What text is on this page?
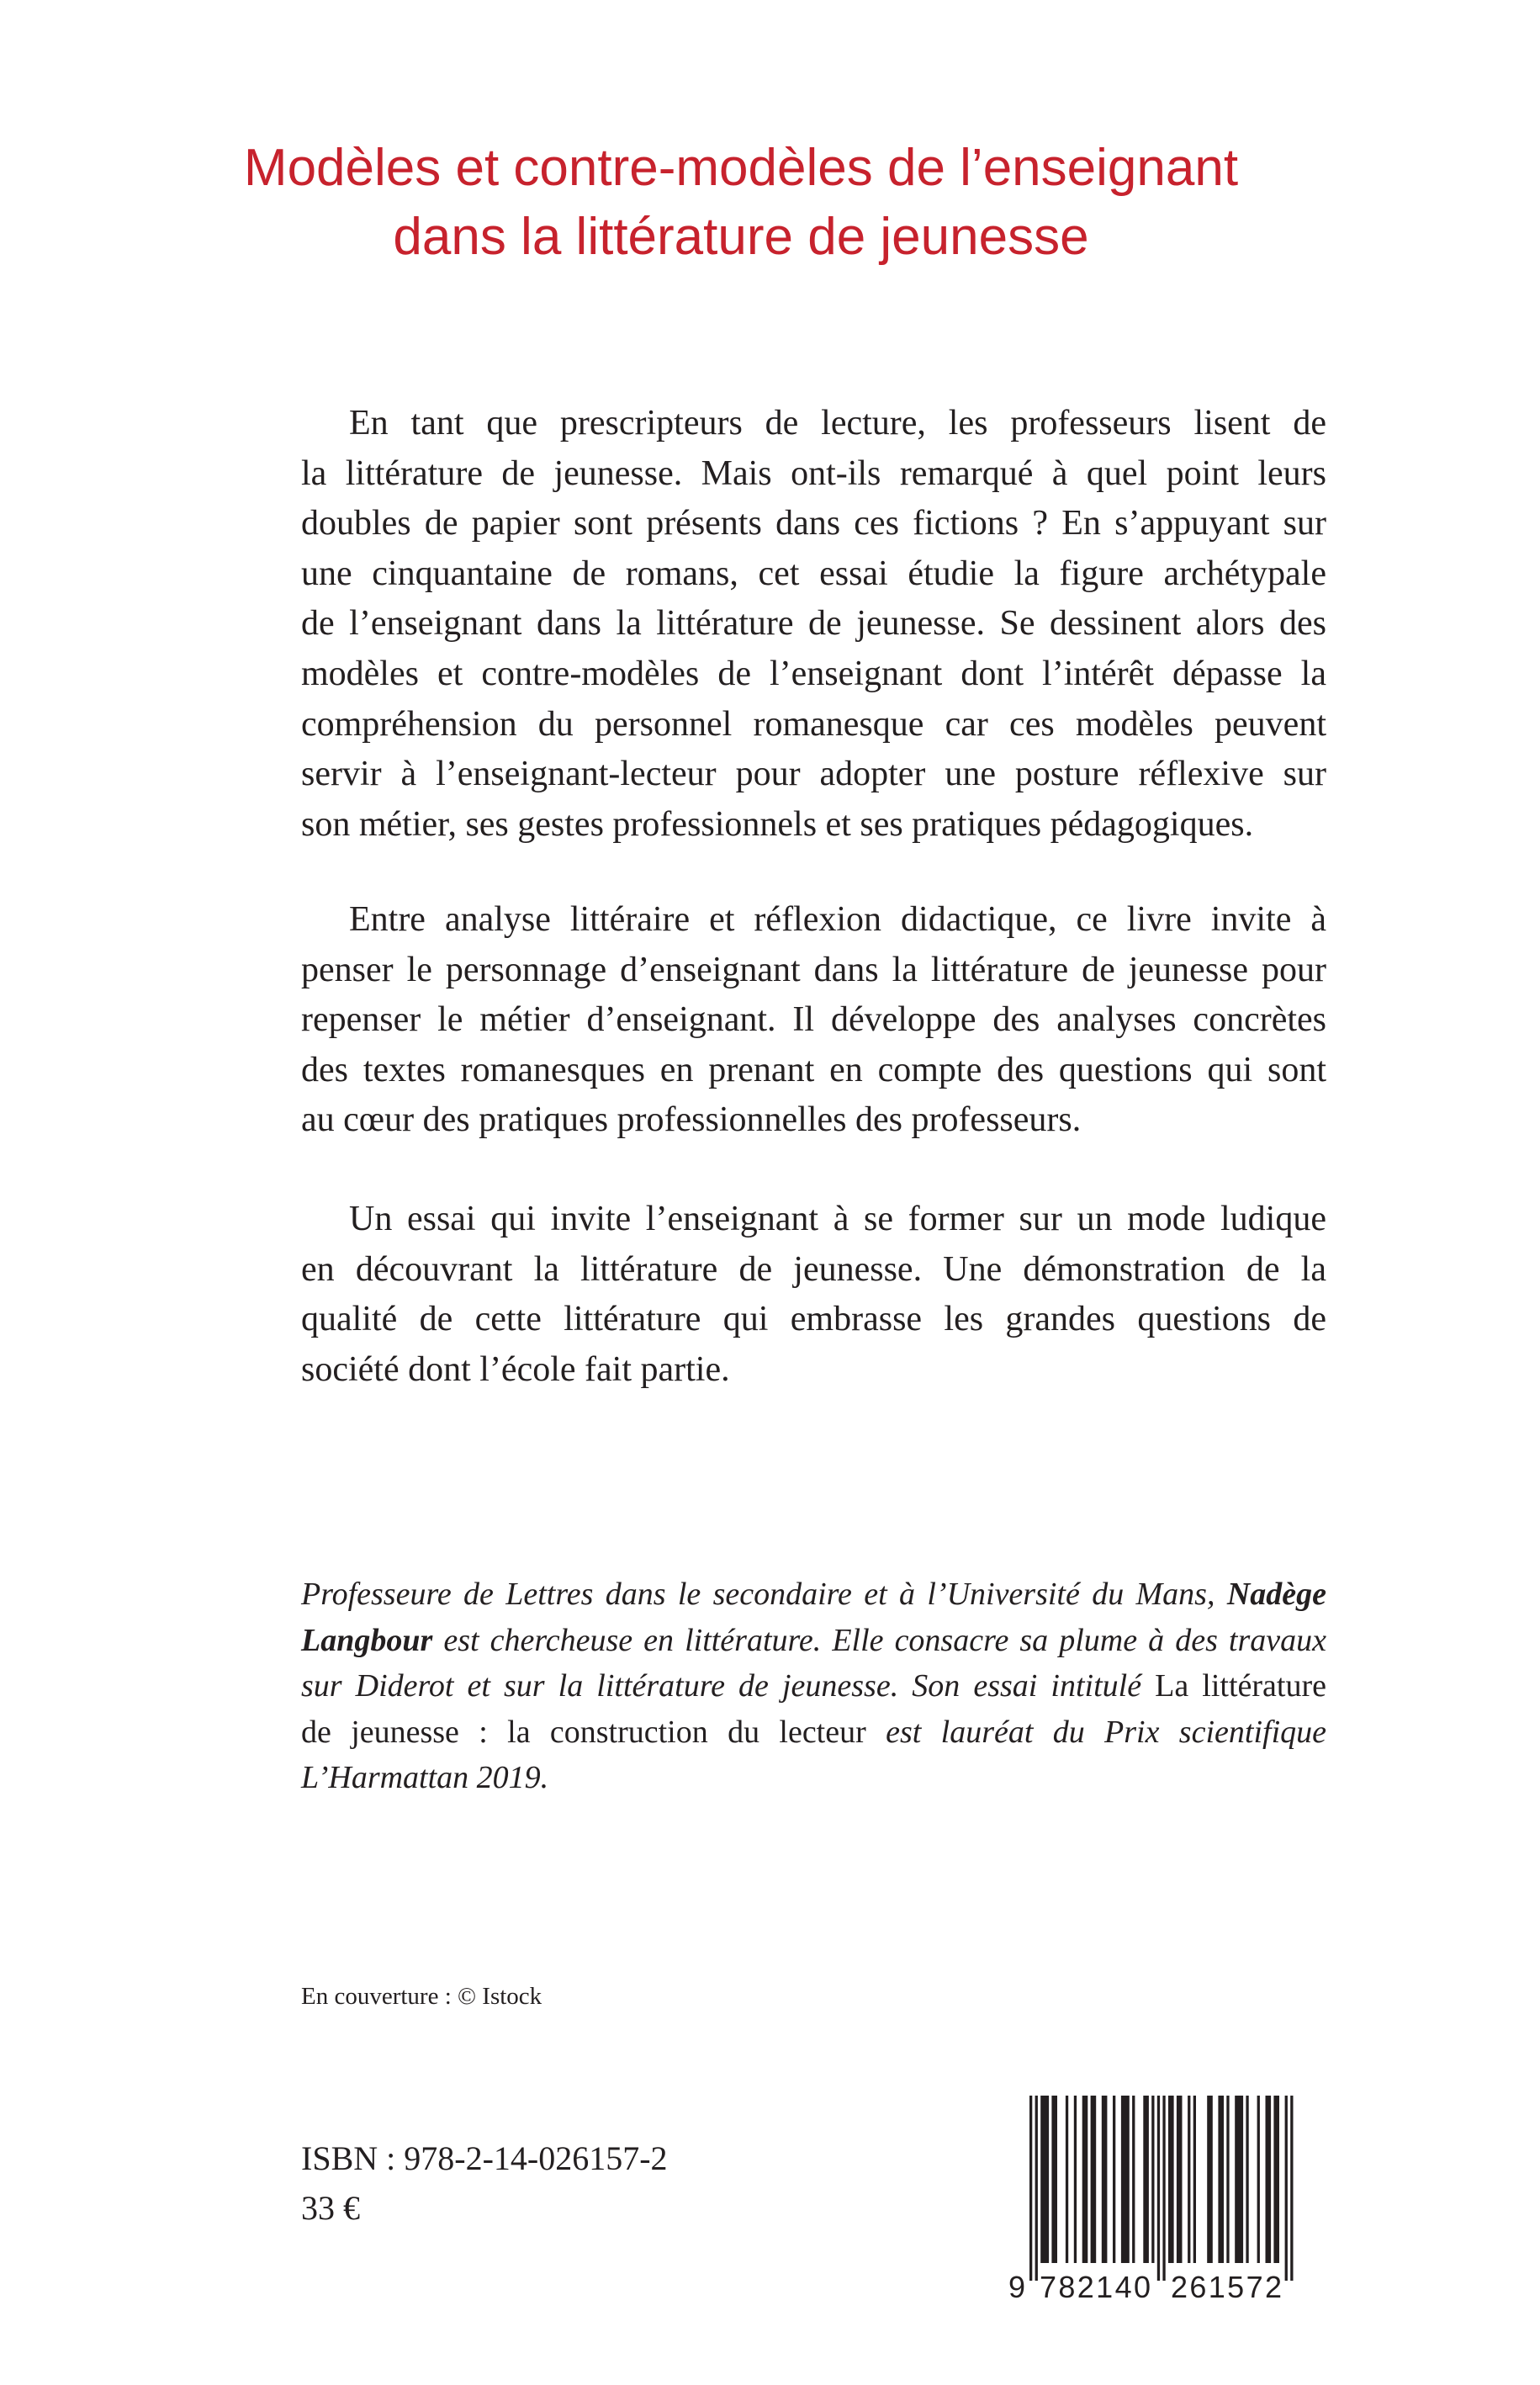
Modèles et contre-modèles de l’enseignant
dans la littérature de jeunesse
En tant que prescripteurs de lecture, les professeurs lisent de
la littérature de jeunesse. Mais ont-ils remarqué à quel point leurs
doubles de papier sont présents dans ces fictions ? En s’appuyant sur
une cinquantaine de romans, cet essai étudie la figure archétypale
de l’enseignant dans la littérature de jeunesse. Se dessinent alors des
modèles et contre-modèles de l’enseignant dont l’intérêt dépasse la
compréhension du personnel romanesque car ces modèles peuvent
servir à l’enseignant-lecteur pour adopter une posture réflexive sur
son métier, ses gestes professionnels et ses pratiques pédagogiques.
Entre analyse littéraire et réflexion didactique, ce livre invite à
penser le personnage d’enseignant dans la littérature de jeunesse pour
repenser le métier d’enseignant. Il développe des analyses concrètes
des textes romanesques en prenant en compte des questions qui sont
au cœur des pratiques professionnelles des professeurs.
Un essai qui invite l’enseignant à se former sur un mode ludique
en découvrant la littérature de jeunesse. Une démonstration de la
qualité de cette littérature qui embrasse les grandes questions de
société dont l’école fait partie.
Professeure de Lettres dans le secondaire et à l’Université du Mans, Nadège
Langbour est chercheuse en littérature. Elle consacre sa plume à des travaux
sur Diderot et sur la littérature de jeunesse. Son essai intitulé La littérature
de jeunesse : la construction du lecteur est lauréat du Prix scientifique
L’Harmattan 2019.
En couverture : © Istock
ISBN : 978-2-14-026157-2
33 €
9 782140 261572
